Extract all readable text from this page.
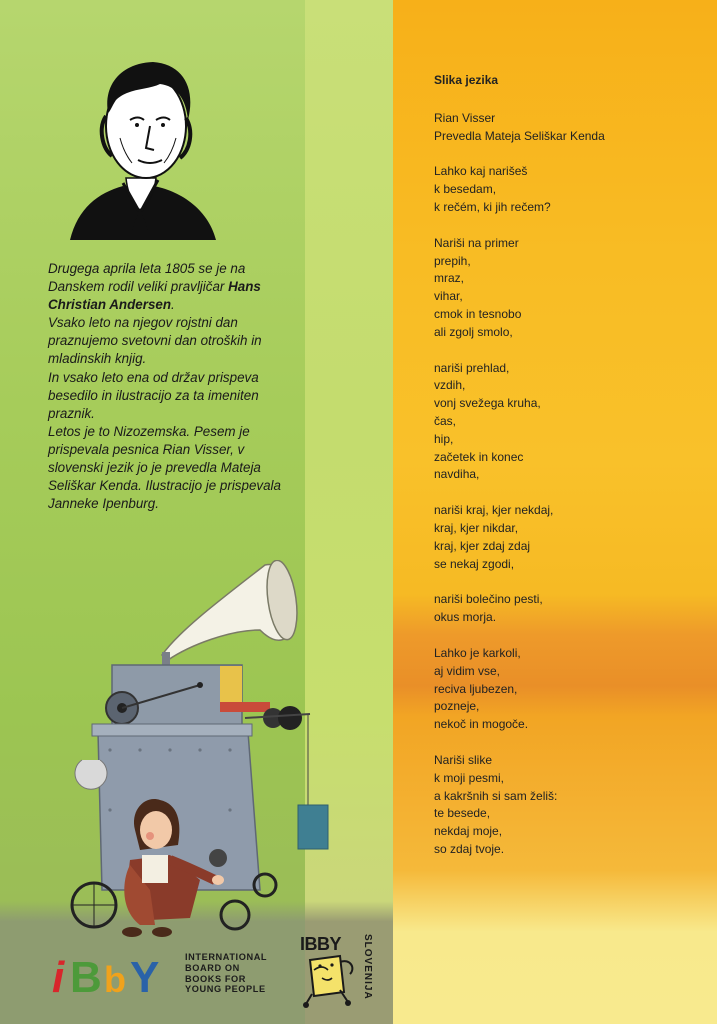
Drugega aprila leta 1805 se je na Danskem rodil veliki pravljičar Hans Christian Andersen.

Vsako leto na njegov rojstni dan praznujemo svetovni dan otroških in mladinskih knjig.

In vsako leto ena od držav prispeva besedilo in ilustracijo za ta imeniten praznik.

Letos je to Nizozemska. Pesem je prispevala pesnica Rian Visser, v slovenski jezik jo je prevedla Mateja Seliškar Kenda. Ilustracijo je prispevala Janneke Ipenburg.

Slika jezika
Rian Visser
Prevedla Mateja Seliškar Kenda
Lahko kaj narišeš
k besedam,
k rečém, ki jih rečem?
Nariši na primer
prepih,
mraz,
vihar,
cmok in tesnobo
ali zgolj smolo,
nariši prehlad,
vzdih,
vonj svežega kruha,
čas,
hip,
začetek in konec
navdiha,
nariši kraj, kjer nekdaj,
kraj, kjer nikdar,
kraj, kjer zdaj zdaj
se nekaj zgodi,
nariši bolečino pesti,
okus morja.
Lahko je karkoli,
aj vidim vse,
reciva ljubezen,
pozneje,
nekoč in mogoče.
Nariši slike
k moji pesmi,
a kakršnih si sam želiš:
te besede,
nekdaj moje,
so zdaj tvoje.
i B b Y	INTERNATIONAL
BOARD ON
BOOKS FOR
YOUNG PEOPLE
IBBY SLOVENIJA
